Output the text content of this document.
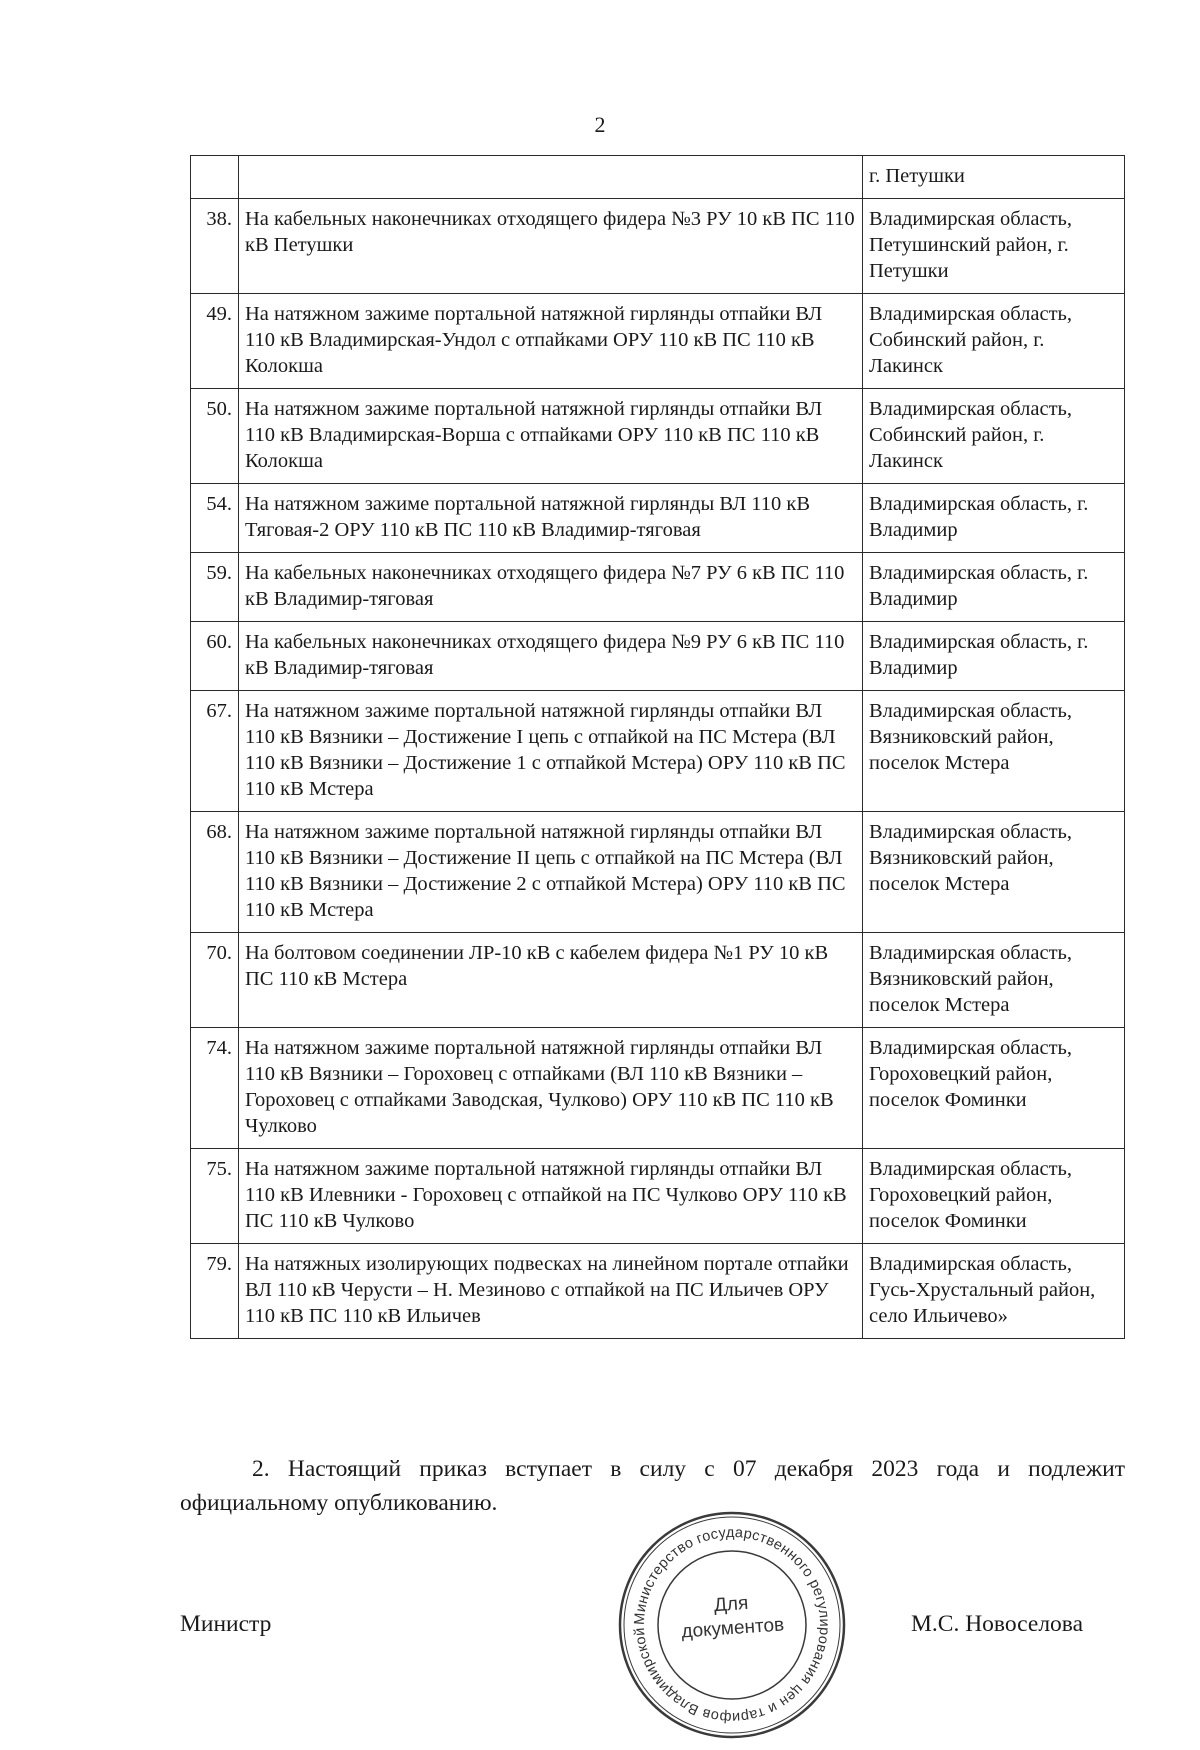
2
		г. Петушки
38.	На кабельных наконечниках отходящего фидера №3 РУ 10 кВ ПС 110 кВ Петушки	Владимирская область, Петушинский район, г. Петушки
49.	На натяжном зажиме портальной натяжной гирлянды отпайки ВЛ 110 кВ Владимирская-Ундол с отпайками ОРУ 110 кВ ПС 110 кВ Колокша	Владимирская область, Собинский район, г. Лакинск
50.	На натяжном зажиме портальной натяжной гирлянды отпайки ВЛ 110 кВ Владимирская-Ворша с отпайками ОРУ 110 кВ ПС 110 кВ Колокша	Владимирская область, Собинский район, г. Лакинск
54.	На натяжном зажиме портальной натяжной гирлянды ВЛ 110 кВ Тяговая-2 ОРУ 110 кВ ПС 110 кВ Владимир-тяговая	Владимирская область, г. Владимир
59.	На кабельных наконечниках отходящего фидера №7 РУ 6 кВ ПС 110 кВ Владимир-тяговая	Владимирская область, г. Владимир
60.	На кабельных наконечниках отходящего фидера №9 РУ 6 кВ ПС 110 кВ Владимир-тяговая	Владимирская область, г. Владимир
67.	На натяжном зажиме портальной натяжной гирлянды отпайки ВЛ 110 кВ Вязники – Достижение I цепь с отпайкой на ПС Мстера (ВЛ 110 кВ Вязники – Достижение 1 с отпайкой Мстера) ОРУ 110 кВ ПС 110 кВ Мстера	Владимирская область, Вязниковский район, поселок Мстера
68.	На натяжном зажиме портальной натяжной гирлянды отпайки ВЛ 110 кВ Вязники – Достижение II цепь с отпайкой на ПС Мстера (ВЛ 110 кВ Вязники – Достижение 2 с отпайкой Мстера) ОРУ 110 кВ ПС 110 кВ Мстера	Владимирская область, Вязниковский район, поселок Мстера
70.	На болтовом соединении ЛР-10 кВ с кабелем фидера №1 РУ 10 кВ ПС 110 кВ Мстера	Владимирская область, Вязниковский район, поселок Мстера
74.	На натяжном зажиме портальной натяжной гирлянды отпайки ВЛ 110 кВ Вязники – Гороховец с отпайками (ВЛ 110 кВ Вязники – Гороховец с отпайками Заводская, Чулково) ОРУ 110 кВ ПС 110 кВ Чулково	Владимирская область, Гороховецкий район, поселок Фоминки
75.	На натяжном зажиме портальной натяжной гирлянды отпайки ВЛ 110 кВ Илевники - Гороховец с отпайкой на ПС Чулково ОРУ 110 кВ ПС 110 кВ Чулково	Владимирская область, Гороховецкий район, поселок Фоминки
79.	На натяжных изолирующих подвесках на линейном портале отпайки ВЛ 110 кВ Черусти – Н. Мезиново с отпайкой на ПС Ильичев ОРУ 110 кВ ПС 110 кВ Ильичев	Владимирская область, Гусь-Хрустальный район, село Ильичево»
2. Настоящий приказ вступает в силу с 07 декабря 2023 года и подлежит официальному опубликованию.
Министр	М.С. Новоселова
Министерство государственного регулирования цен и тарифов Владимирской
Для
документов
